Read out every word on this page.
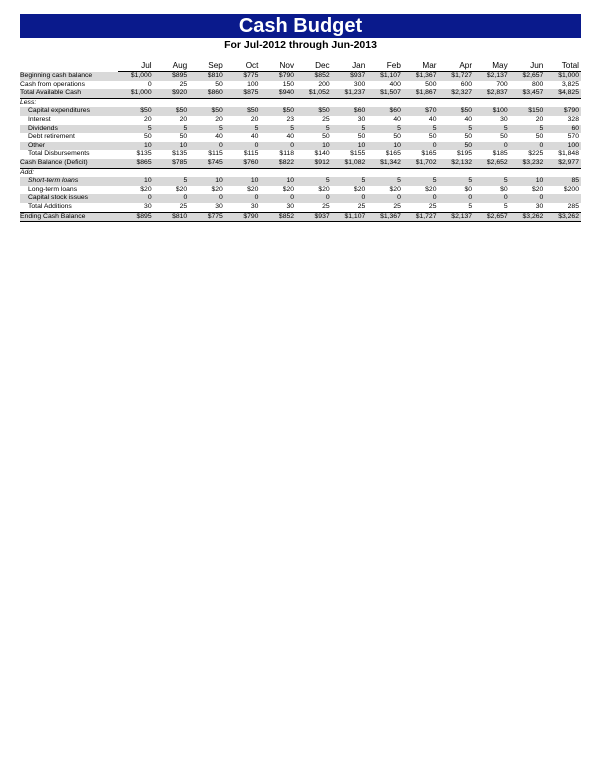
Cash Budget
For Jul-2012 through Jun-2013
	Jul	Aug	Sep	Oct	Nov	Dec	Jan	Feb	Mar	Apr	May	Jun	Total
Beginning cash balance	$1,000	$895	$810	$775	$790	$852	$937	$1,107	$1,367	$1,727	$2,137	$2,657	$1,000
Cash from operations	0	25	50	100	150	200	300	400	500	600	700	800	3,825
Total Available Cash	$1,000	$920	$860	$875	$940	$1,052	$1,237	$1,507	$1,867	$2,327	$2,837	$3,457	$4,825
Less:													
Capital expenditures	$50	$50	$50	$50	$50	$50	$60	$60	$70	$50	$100	$150	$790
Interest	20	20	20	20	23	25	30	40	40	40	30	20	328
Dividends	5	5	5	5	5	5	5	5	5	5	5	5	60
Debt retirement	50	50	40	40	40	50	50	50	50	50	50	50	570
Other	10	10	0	0	0	10	10	10	0	50	0	0	100
Total Disbursements	$135	$135	$115	$115	$118	$140	$155	$165	$165	$195	$185	$225	$1,848
Cash Balance (Deficit)	$865	$785	$745	$760	$822	$912	$1,082	$1,342	$1,702	$2,132	$2,652	$3,232	$2,977
Add:													
Short-term loans	10	5	10	10	10	5	5	5	5	5	5	10	85
Long-term loans	$20	$20	$20	$20	$20	$20	$20	$20	$20	$0	$0	$20	$200
Capital stock issues	0	0	0	0	0	0	0	0	0	0	0	0	
Total Additions	30	25	30	30	30	25	25	25	25	5	5	30	285
Ending Cash Balance	$895	$810	$775	$790	$852	$937	$1,107	$1,367	$1,727	$2,137	$2,657	$3,262	$3,262
